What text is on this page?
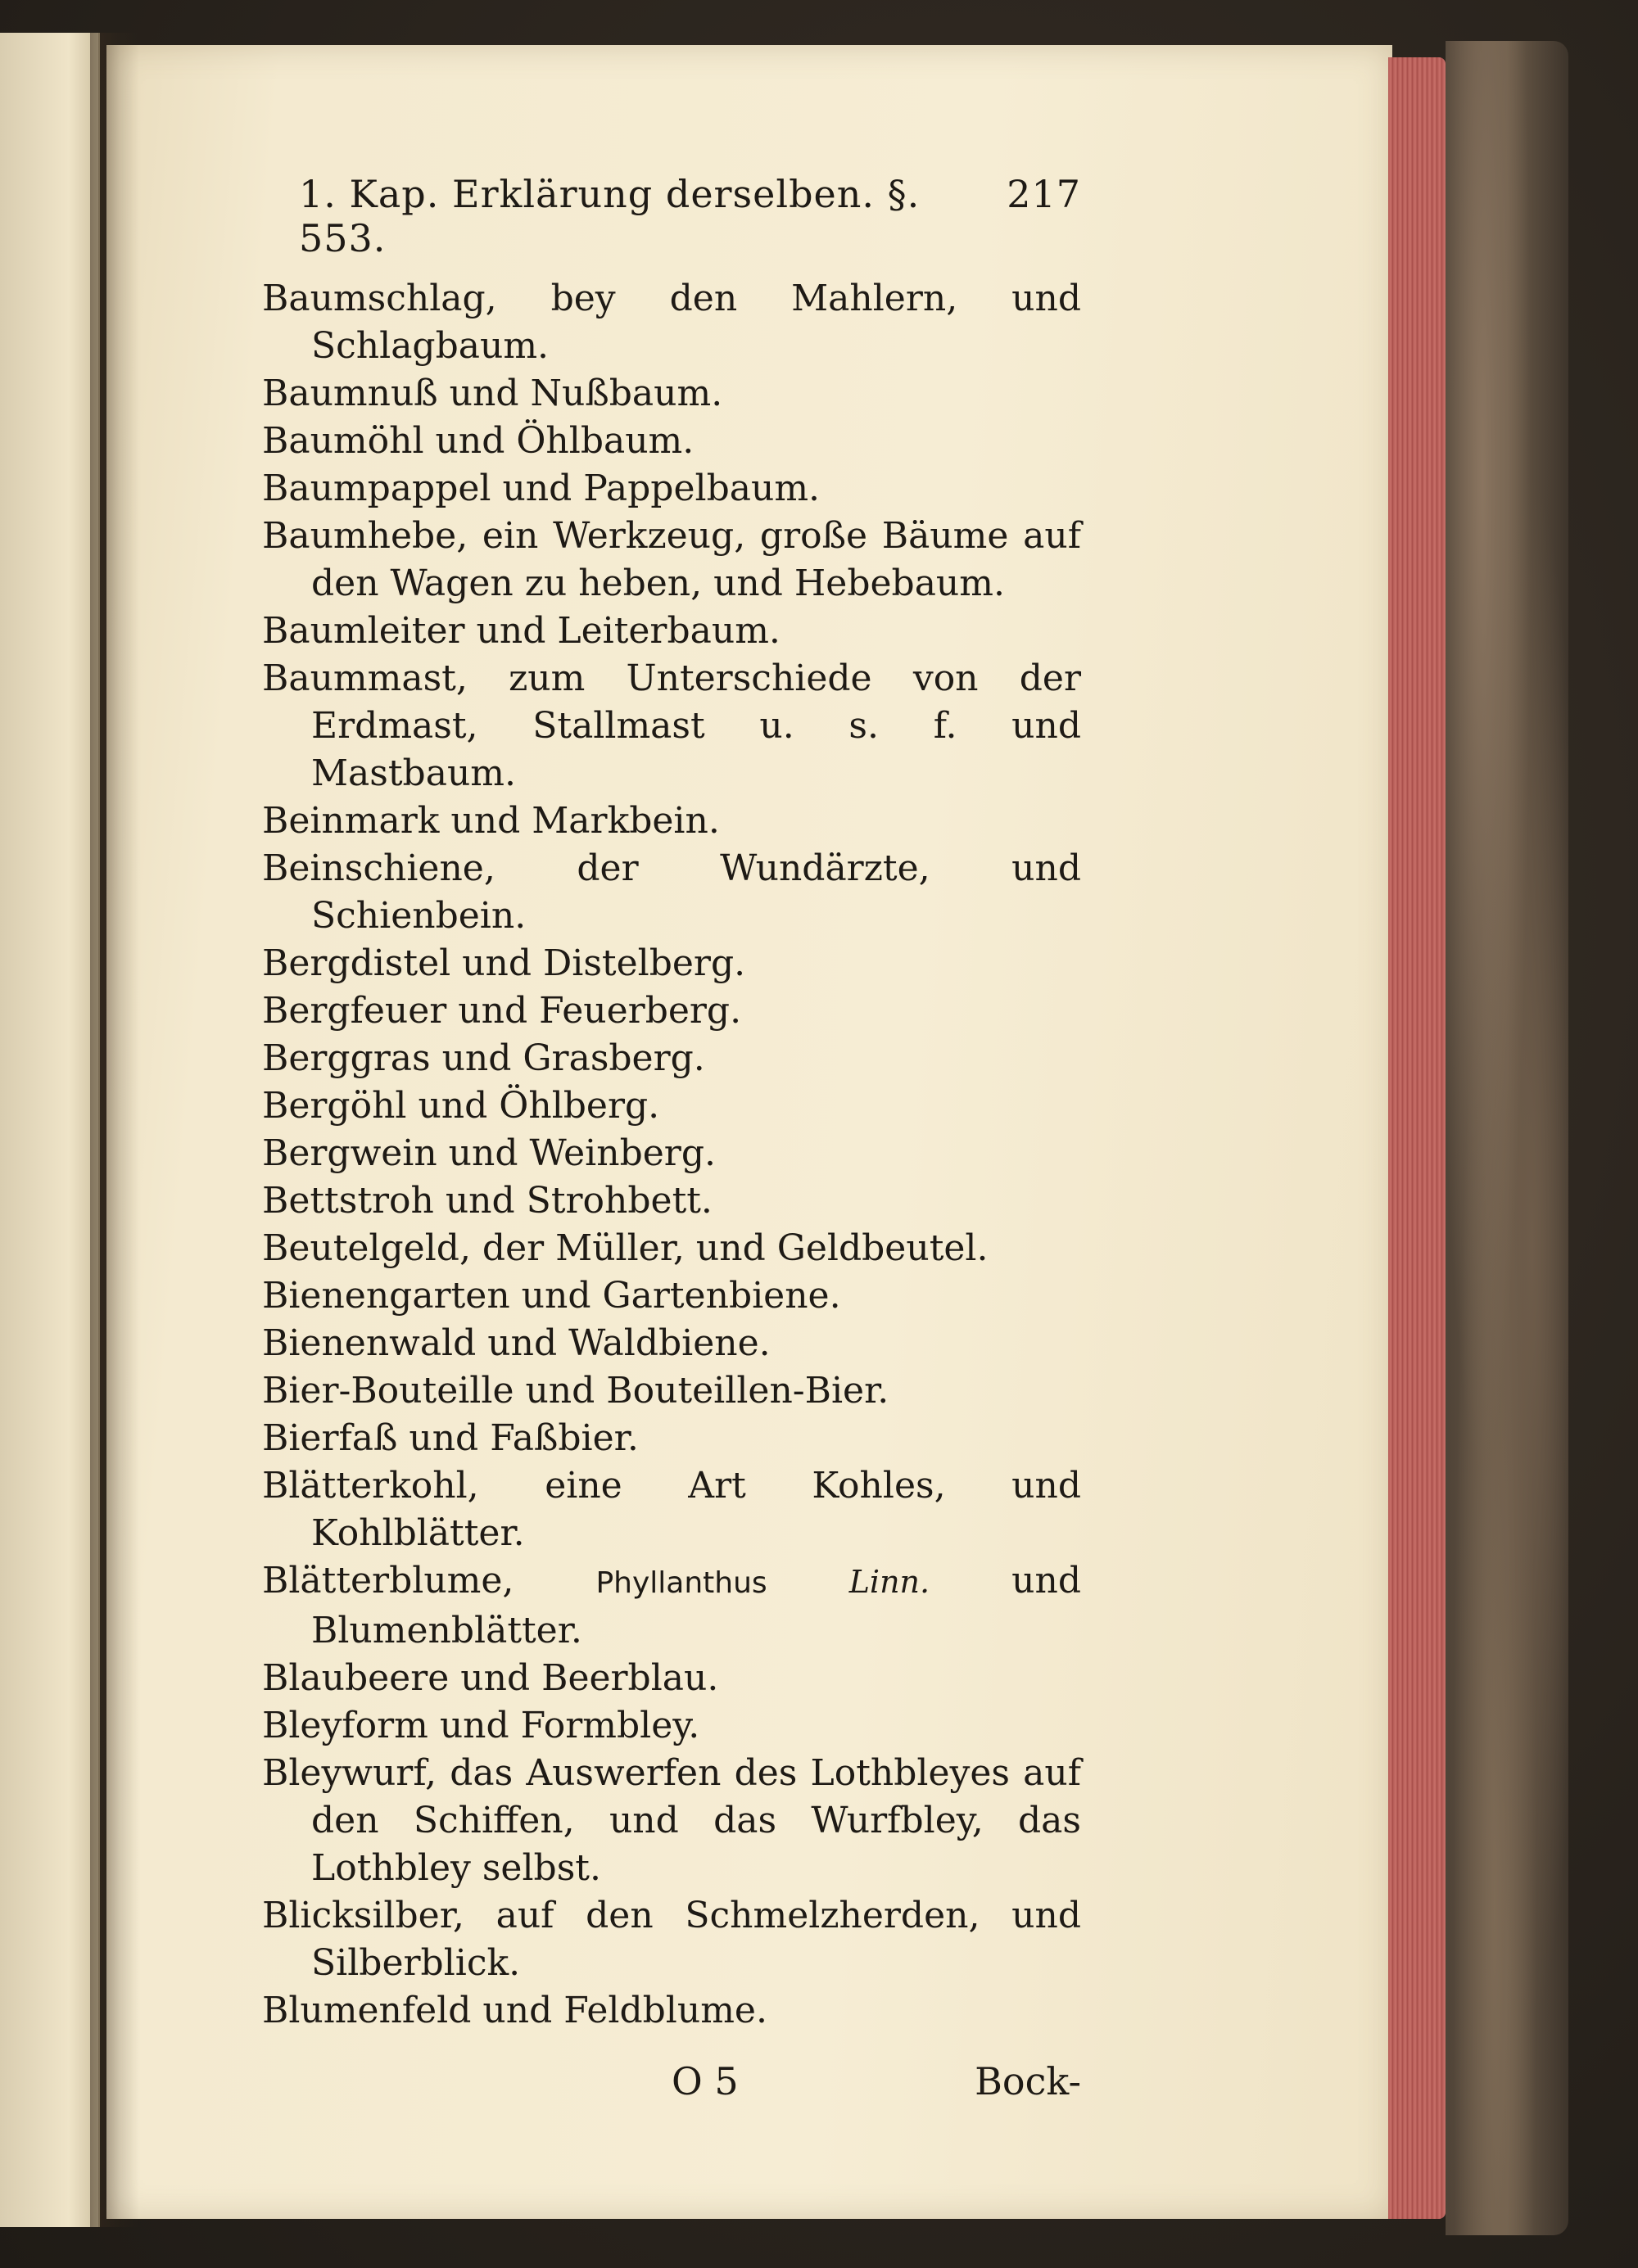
1. Kap. Erklärung derselben. §. 553.
217
Baumschlag, bey den Mahlern, und Schlagbaum.
Baumnuß und Nußbaum.
Baumöhl und Öhlbaum.
Baumpappel und Pappelbaum.
Baumhebe, ein Werkzeug, große Bäume auf den Wagen zu heben, und Hebebaum.
Baumleiter und Leiterbaum.
Baummast, zum Unterschiede von der Erdmast, Stallmast u. s. f. und Mastbaum.
Beinmark und Markbein.
Beinschiene, der Wundärzte, und Schienbein.
Bergdistel und Distelberg.
Bergfeuer und Feuerberg.
Berggras und Grasberg.
Bergöhl und Öhlberg.
Bergwein und Weinberg.
Bettstroh und Strohbett.
Beutelgeld, der Müller, und Geldbeutel.
Bienengarten und Gartenbiene.
Bienenwald und Waldbiene.
Bier-Bouteille und Bouteillen-Bier.
Bierfaß und Faßbier.
Blätterkohl, eine Art Kohles, und Kohlblätter.
Blätterblume,	Phyllanthus	Linn. und Blumenblätter.
Blaubeere und Beerblau.
Bleyform und Formbley.
Bleywurf, das Auswerfen des Lothbleyes auf den Schiffen, und das Wurfbley, das Lothbley selbst.
Blicksilber, auf den Schmelzherden, und Silberblick.
Blumenfeld und Feldblume.
O 5	Bock-
